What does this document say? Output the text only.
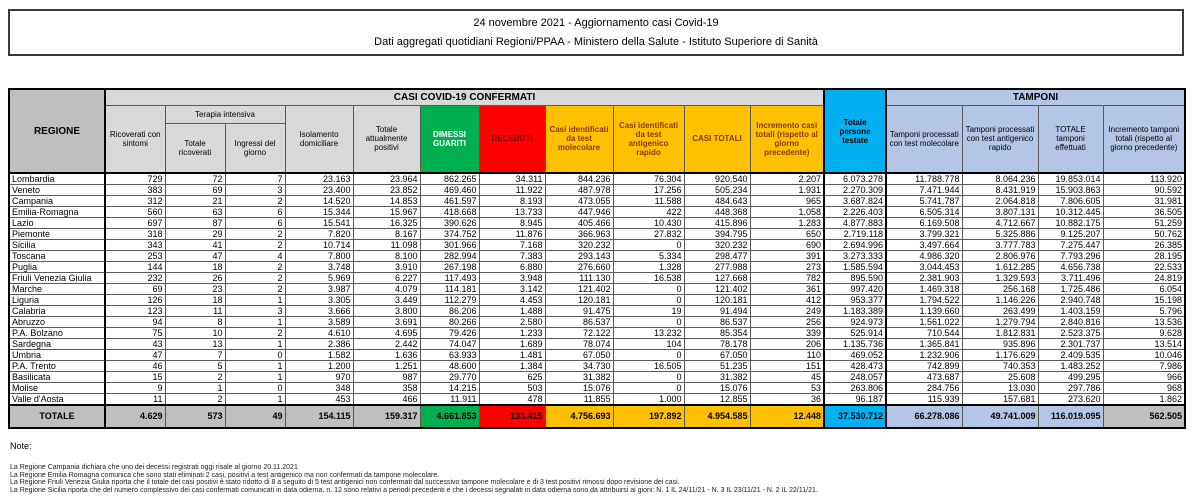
24 novembre 2021 - Aggiornamento casi Covid-19
Dati aggregati quotidiani Regioni/PPAA - Ministero della Salute - Istituto Superiore di Sanità
REGIONE	CASI COVID-19 CONFERMATI											Totale persone testate	TAMPONI			
	Ricoverati con sintomi	Terapia intensiva		Isolamento domiciliare	Totale attualmente positivi	DIMESSI GUARITI	DECEDUTI	Casi identificati da test molecolare	Casi identificati da test antigenico rapido	CASI TOTALI	Incremento casi totali (rispetto al giorno precedente)		Tamponi processati con test molecolare	Tamponi processati con test antigenico rapido	TOTALE tamponi effettuati	Incremento tamponi totali (rispetto al giorno precedente)
		Totale ricoverati	Ingressi del giorno													
Lombardia	729	72	7	23.163	23.964	862.265	34.311	844.236	76.304	920.540	2.207	6.073.278	11.788.778	8.064.236	19.853.014	113.920
Veneto	383	69	3	23.400	23.852	469.460	11.922	487.978	17.256	505.234	1.931	2.270.309	7.471.944	8.431.919	15.903.863	90.592
Campania	312	21	2	14.520	14.853	461.597	8.193	473.055	11.588	484.643	965	3.687.824	5.741.787	2.064.818	7.806.605	31.981
Emilia-Romagna	560	63	6	15.344	15.967	418.668	13.733	447.946	422	448.368	1.058	2.226.403	6.505.314	3.807.131	10.312.445	36.505
Lazio	697	87	6	15.541	16.325	390.626	8.945	405.466	10.430	415.896	1.283	4.877.883	6.169.508	4.712.667	10.882.175	51.259
Piemonte	318	29	2	7.820	8.167	374.752	11.876	366.963	27.832	394.795	650	2.719.118	3.799.321	5.325.886	9.125.207	50.762
Sicilia	343	41	2	10.714	11.098	301.966	7.168	320.232	0	320.232	690	2.694.996	3.497.664	3.777.783	7.275.447	26.385
Toscana	253	47	4	7.800	8.100	282.994	7.383	293.143	5.334	298.477	391	3.273.333	4.986.320	2.806.976	7.793.296	28.195
Puglia	144	18	2	3.748	3.910	267.198	6.880	276.660	1.328	277.988	273	1.585.594	3.044.453	1.612.285	4.656.738	22.533
Friuli Venezia Giulia	232	26	2	5.969	6.227	117.493	3.948	111.130	16.538	127.668	782	895.590	2.381.903	1.329.593	3.711.496	24.819
Marche	69	23	2	3.987	4.079	114.181	3.142	121.402	0	121.402	361	997.420	1.469.318	256.168	1.725.486	6.054
Liguria	126	18	1	3.305	3.449	112.279	4.453	120.181	0	120.181	412	953.377	1.794.522	1.146.226	2.940.748	15.198
Calabria	123	11	3	3.666	3.800	86.206	1.488	91.475	19	91.494	249	1.183.389	1.139.660	263.499	1.403.159	5.796
Abruzzo	94	8	1	3.589	3.691	80.266	2.580	86.537	0	86.537	256	924.973	1.561.022	1.279.794	2.840.816	13.536
P.A. Bolzano	75	10	2	4.610	4.695	79.426	1.233	72.122	13.232	85.354	339	525.914	710.544	1.812.831	2.523.375	9.628
Sardegna	43	13	1	2.386	2.442	74.047	1.689	78.074	104	78.178	206	1.135.736	1.365.841	935.896	2.301.737	13.514
Umbria	47	7	0	1.582	1.636	63.933	1.481	67.050	0	67.050	110	469.052	1.232.906	1.176.629	2.409.535	10.046
P.A. Trento	46	5	1	1.200	1.251	48.600	1.384	34.730	16.505	51.235	151	428.473	742.899	740.353	1.483.252	7.986
Basilicata	15	2	1	970	987	29.770	625	31.382	0	31.382	45	248.057	473.687	25.608	499.295	966
Molise	9	1	0	348	358	14.215	503	15.076	0	15.076	53	263.806	284.756	13.030	297.786	968
Valle d'Aosta	11	2	1	453	466	11.911	478	11.855	1.000	12.855	36	96.187	115.939	157.681	273.620	1.862
TOTALE	4.629	573	49	154.115	159.317	4.661.853	133.415	4.756.693	197.892	4.954.585	12.448	37.530.712	66.278.086	49.741.009	116.019.095	562.505
Note:
La Regione Campania dichiara che uno dei decessi registrati oggi risale al giorno 20.11.2021
La Regione Emilia Romagna comunica che sono stati eliminati 2 casi, positivi a test antigenico ma non confermati da tampone molecolare.
La Regione Friuli Venezia Giulia riporta che il totale dei casi positivi è stato ridotto di 8 a seguito di 5 test antigenici non confermati dal successivo tampone molecolare e di 3 test positivi rimossi dopo revisione dei casi.
La Regione Sicilia riporta che del numero complessivo dei casi confermati comunicati in data odierna, n. 12 sono relativi a periodi precedenti e che i decessi segnalati in data odierna sono da attribuirsi ai gioni: N. 1 IL 24/11/21 - N. 3 IL 23/11/21 - N. 2 IL 22/11/21.
